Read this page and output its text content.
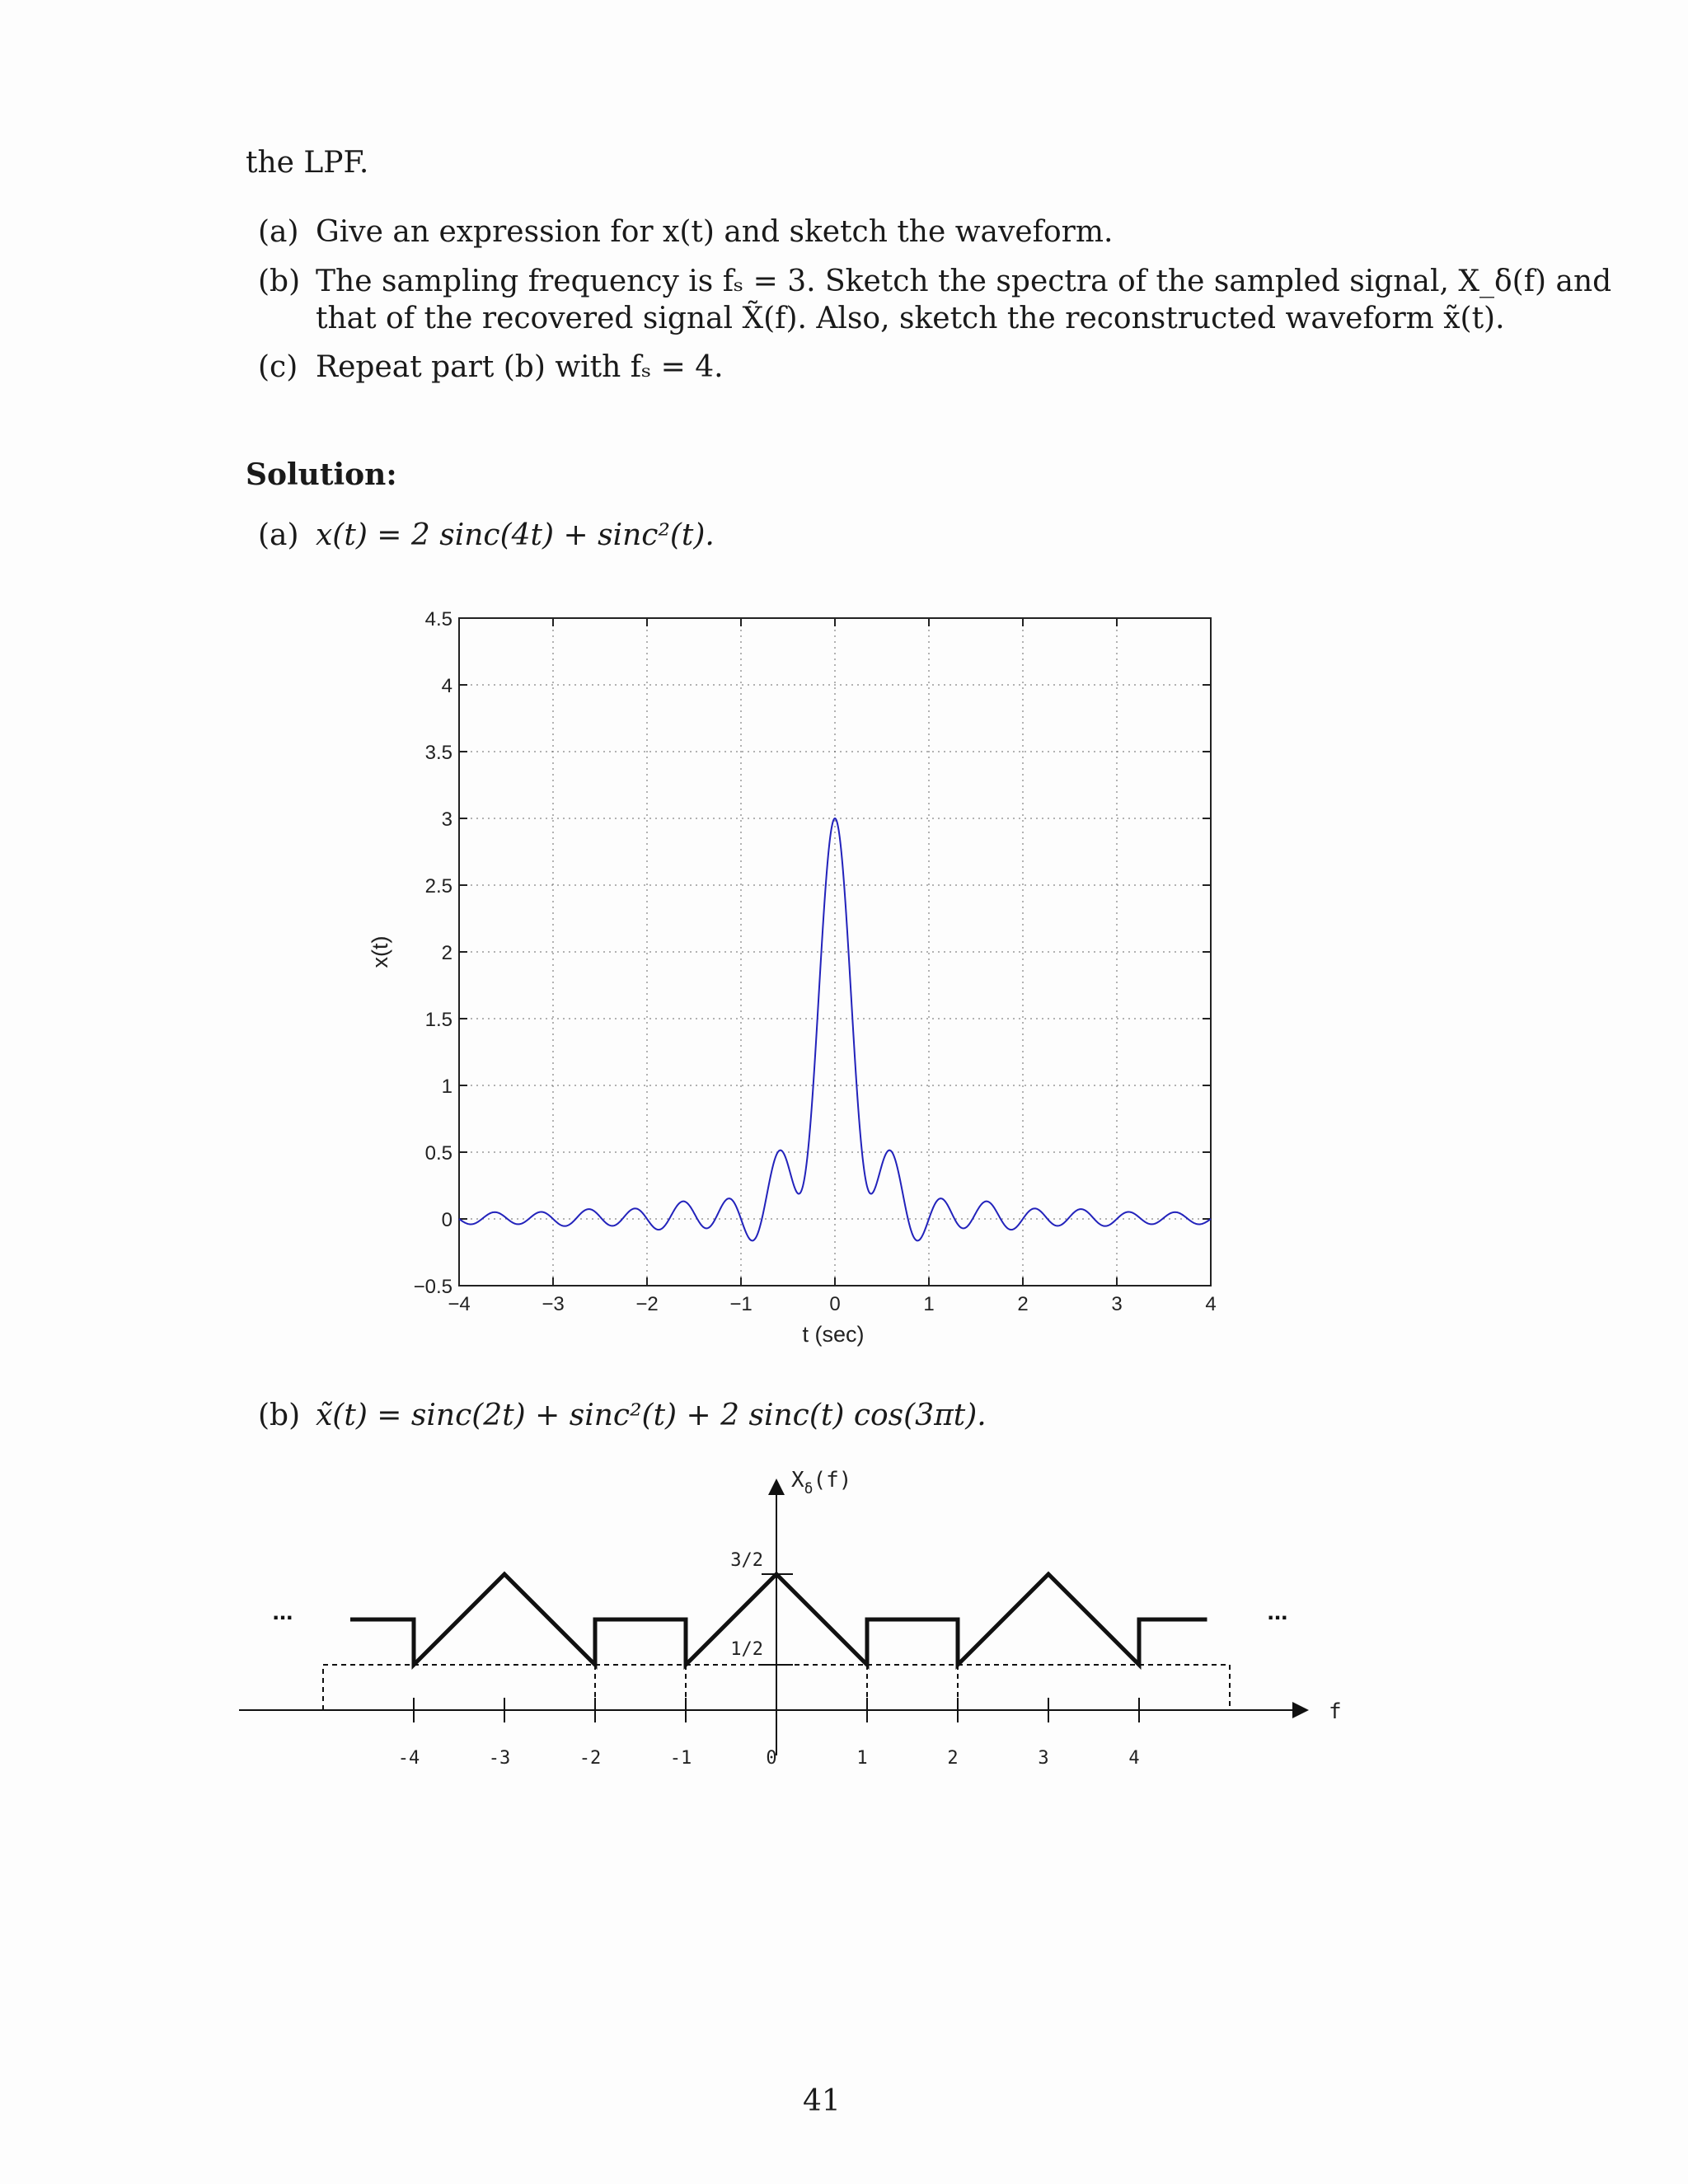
the LPF.
(a) Give an expression for x(t) and sketch the waveform.
(b) The sampling frequency is fₛ = 3. Sketch the spectra of the sampled signal, X_δ(f) and
that of the recovered signal X̃(f). Also, sketch the reconstructed waveform x̃(t).
(c) Repeat part (b) with fₛ = 4.
Solution:
(a) x(t) = 2 sinc(4t) + sinc²(t).
−4	−3	−2	−1	0	1	2	3	4
−0.5
0
0.5
1
1.5
2
2.5
3
3.5
4
4.5
t (sec)
x(t)
(b) x̃(t) = sinc(2t) + sinc²(t) + 2 sinc(t) cos(3πt).
$X_\delta(f)$
f
-4	-3	-2	-1	0	1	2	3	4
3/2
1/2
...	...
41
